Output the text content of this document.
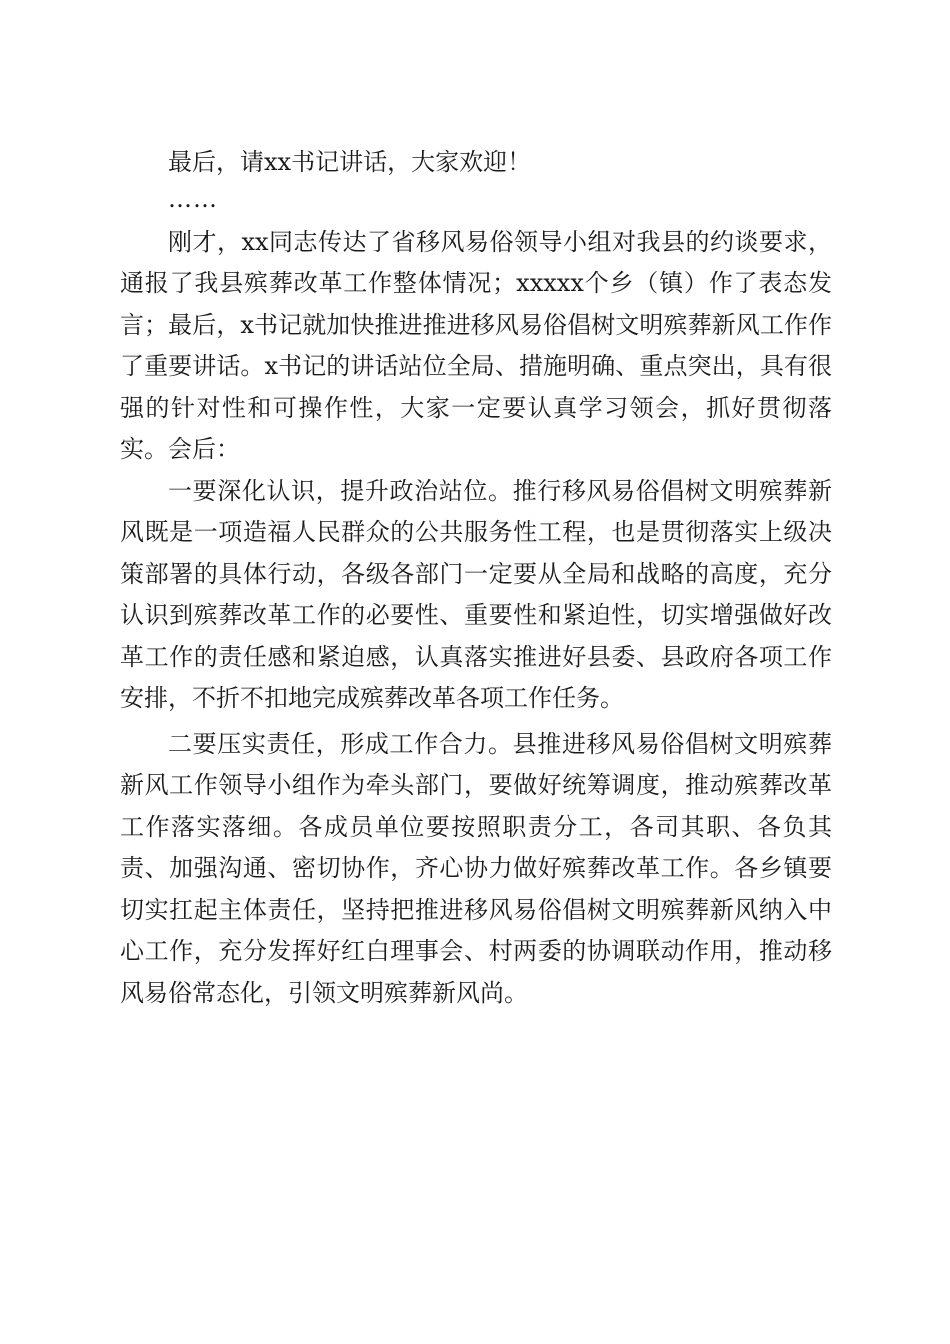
最后，请xx书记讲话，大家欢迎！

……

刚才，xx同志传达了省移风易俗领导小组对我县的约谈要求，通报了我县殡葬改革工作整体情况；xxxxx个乡（镇）作了表态发言；最后，x书记就加快推进推进移风易俗倡树文明殡葬新风工作作了重要讲话。x书记的讲话站位全局、措施明确、重点突出，具有很强的针对性和可操作性，大家一定要认真学习领会，抓好贯彻落实。会后：

一要深化认识，提升政治站位。推行移风易俗倡树文明殡葬新风既是一项造福人民群众的公共服务性工程，也是贯彻落实上级决策部署的具体行动，各级各部门一定要从全局和战略的高度，充分认识到殡葬改革工作的必要性、重要性和紧迫性，切实增强做好改革工作的责任感和紧迫感，认真落实推进好县委、县政府各项工作安排，不折不扣地完成殡葬改革各项工作任务。

二要压实责任，形成工作合力。县推进移风易俗倡树文明殡葬新风工作领导小组作为牵头部门，要做好统筹调度，推动殡葬改革工作落实落细。各成员单位要按照职责分工，各司其职、各负其责、加强沟通、密切协作，齐心协力做好殡葬改革工作。各乡镇要切实扛起主体责任，坚持把推进移风易俗倡树文明殡葬新风纳入中心工作，充分发挥好红白理事会、村两委的协调联动作用，推动移风易俗常态化，引领文明殡葬新风尚。
